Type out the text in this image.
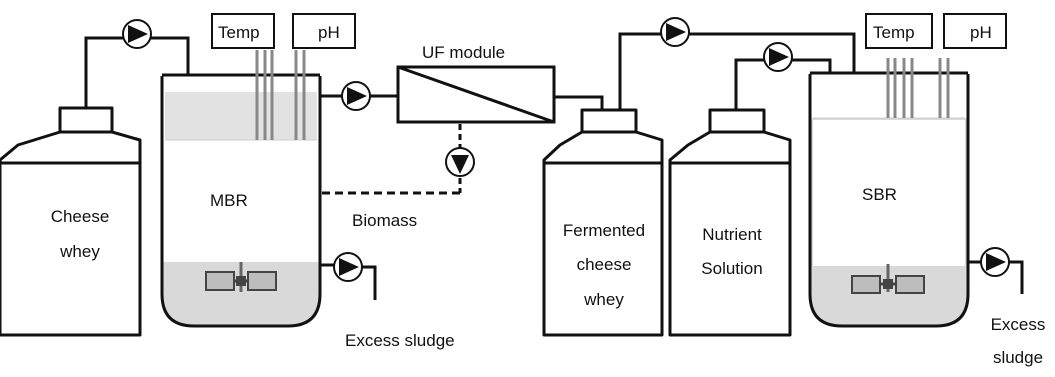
Cheese
whey
MBR
Temp	pH
UF module
Biomass
Excess sludge
Fermented
cheese
whey
Nutrient
Solution
SBR
Temp	pH
Excess
sludge
